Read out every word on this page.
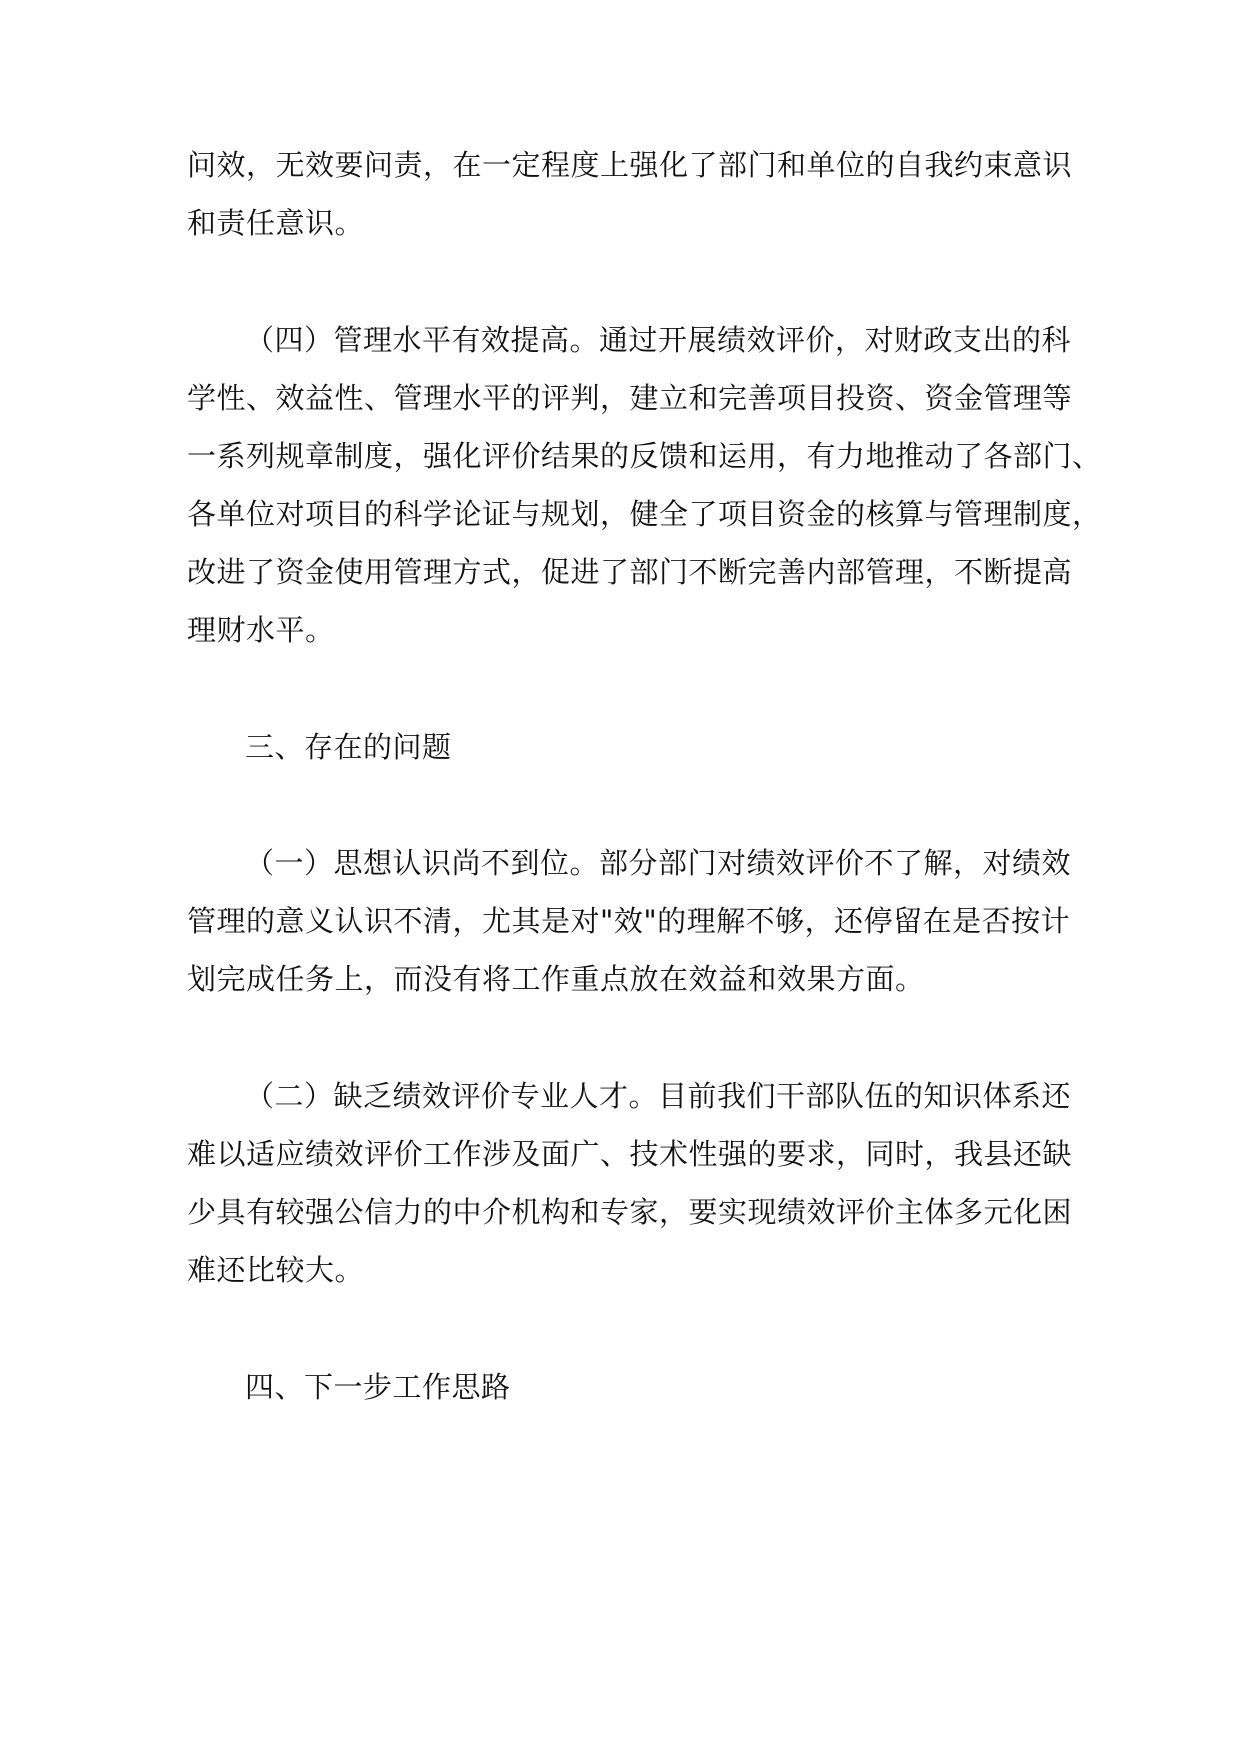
问效，无效要问责，在一定程度上强化了部门和单位的自我约束意识

和责任意识。

（四）管理水平有效提高。通过开展绩效评价，对财政支出的科

学性、效益性、管理水平的评判，建立和完善项目投资、资金管理等

一系列规章制度，强化评价结果的反馈和运用，有力地推动了各部门、

各单位对项目的科学论证与规划，健全了项目资金的核算与管理制度，

改进了资金使用管理方式，促进了部门不断完善内部管理，不断提高

理财水平。

三、存在的问题

（一）思想认识尚不到位。部分部门对绩效评价不了解，对绩效

管理的意义认识不清，尤其是对"效"的理解不够，还停留在是否按计

划完成任务上，而没有将工作重点放在效益和效果方面。

（二）缺乏绩效评价专业人才。目前我们干部队伍的知识体系还

难以适应绩效评价工作涉及面广、技术性强的要求，同时，我县还缺

少具有较强公信力的中介机构和专家，要实现绩效评价主体多元化困

难还比较大。

四、下一步工作思路
